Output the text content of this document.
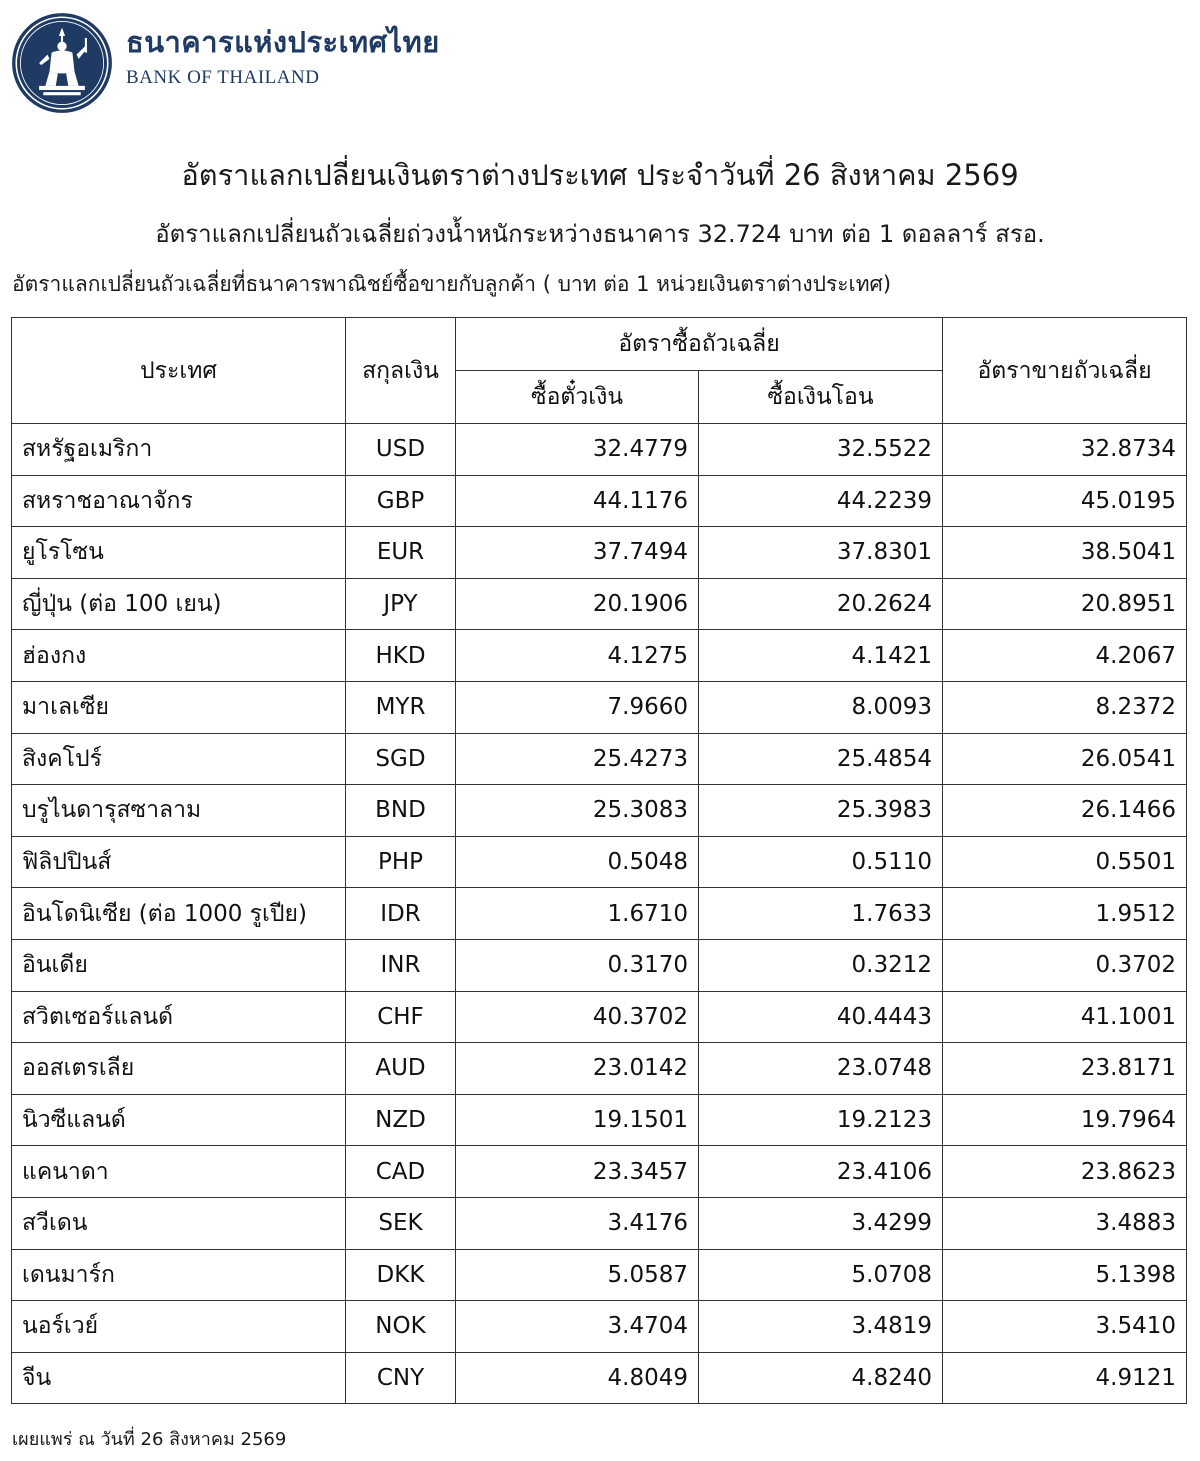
ธนาคารแห่งประเทศไทย
BANK OF THAILAND
อัตราแลกเปลี่ยนเงินตราต่างประเทศ ประจำวันที่ 26 สิงหาคม 2569
อัตราแลกเปลี่ยนถัวเฉลี่ยถ่วงน้ำหนักระหว่างธนาคาร 32.724 บาท ต่อ 1 ดอลลาร์ สรอ.
อัตราแลกเปลี่ยนถัวเฉลี่ยที่ธนาคารพาณิชย์ซื้อขายกับลูกค้า ( บาท ต่อ 1 หน่วยเงินตราต่างประเทศ)
ประเทศ	สกุลเงิน	อัตราซื้อถัวเฉลี่ย		อัตราขายถัวเฉลี่ย
		ซื้อตั๋วเงิน	ซื้อเงินโอน	
สหรัฐอเมริกา	USD	32.4779	32.5522	32.8734
สหราชอาณาจักร	GBP	44.1176	44.2239	45.0195
ยูโรโซน	EUR	37.7494	37.8301	38.5041
ญี่ปุ่น (ต่อ 100 เยน)	JPY	20.1906	20.2624	20.8951
ฮ่องกง	HKD	4.1275	4.1421	4.2067
มาเลเซีย	MYR	7.9660	8.0093	8.2372
สิงคโปร์	SGD	25.4273	25.4854	26.0541
บรูไนดารุสซาลาม	BND	25.3083	25.3983	26.1466
ฟิลิปปินส์	PHP	0.5048	0.5110	0.5501
อินโดนิเซีย (ต่อ 1000 รูเปีย)	IDR	1.6710	1.7633	1.9512
อินเดีย	INR	0.3170	0.3212	0.3702
สวิตเซอร์แลนด์	CHF	40.3702	40.4443	41.1001
ออสเตรเลีย	AUD	23.0142	23.0748	23.8171
นิวซีแลนด์	NZD	19.1501	19.2123	19.7964
แคนาดา	CAD	23.3457	23.4106	23.8623
สวีเดน	SEK	3.4176	3.4299	3.4883
เดนมาร์ก	DKK	5.0587	5.0708	5.1398
นอร์เวย์	NOK	3.4704	3.4819	3.5410
จีน	CNY	4.8049	4.8240	4.9121
เผยแพร่ ณ วันที่ 26 สิงหาคม 2569
